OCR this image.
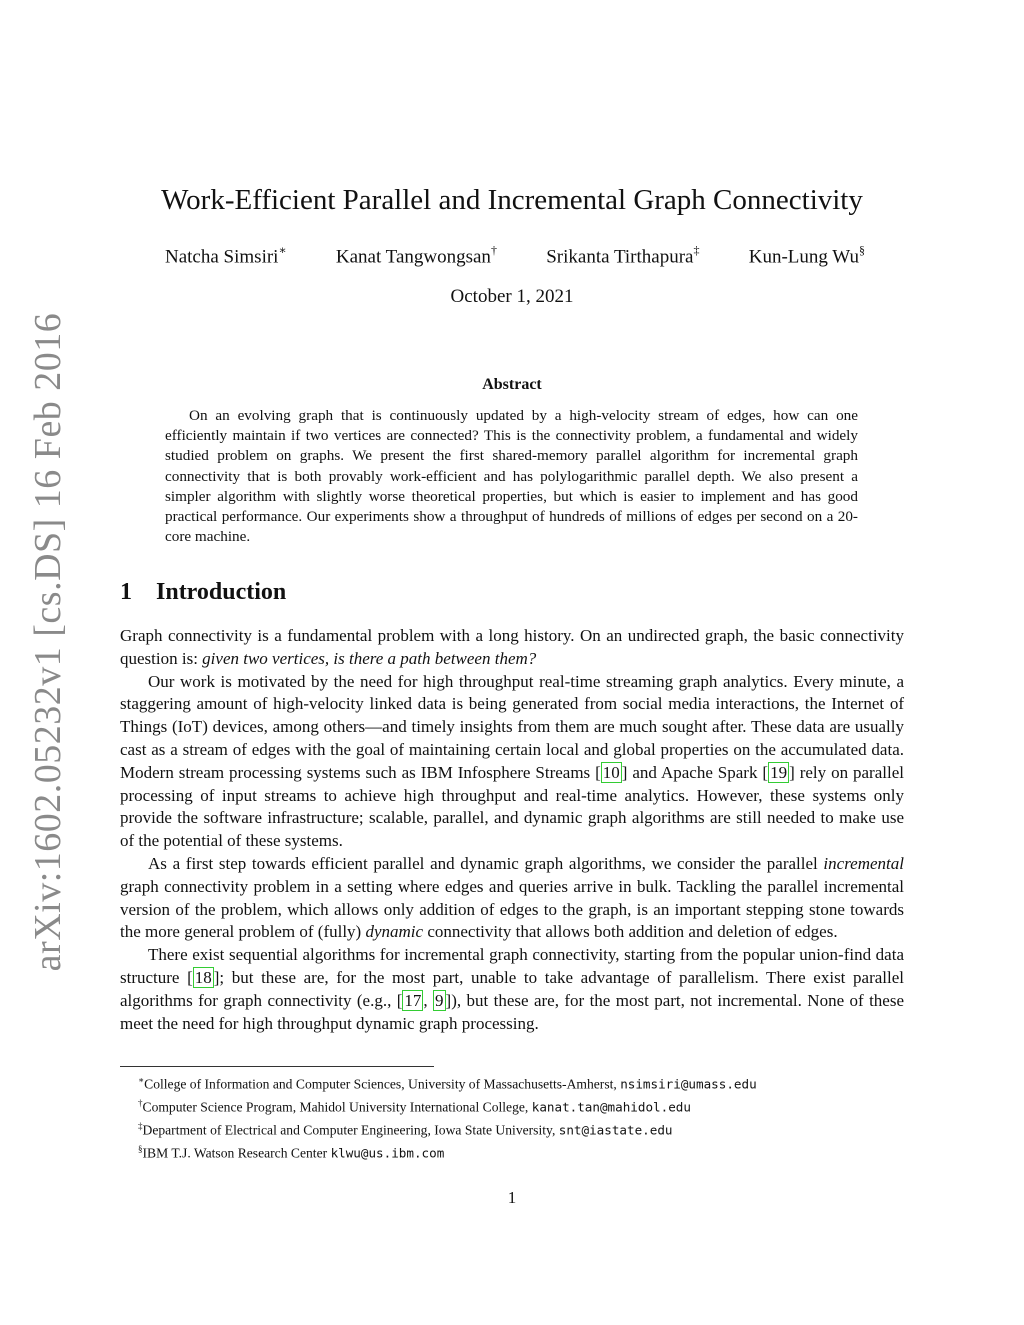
arXiv:1602.05232v1 [cs.DS] 16 Feb 2016
Work-Efficient Parallel and Incremental Graph Connectivity
Natcha Simsiri∗	Kanat Tangwongsan†	Srikanta Tirthapura‡	Kun-Lung Wu§
October 1, 2021
Abstract
On an evolving graph that is continuously updated by a high-velocity stream of edges, how can one efficiently maintain if two vertices are connected? This is the connectivity problem, a fundamental and widely studied problem on graphs. We present the first shared-memory parallel algorithm for incremental graph connectivity that is both provably work-efficient and has polylogarithmic parallel depth. We also present a simpler algorithm with slightly worse theoretical properties, but which is easier to implement and has good practical performance. Our experiments show a throughput of hundreds of millions of edges per second on a 20-core machine.
1 Introduction

Graph connectivity is a fundamental problem with a long history. On an undirected graph, the basic connectivity question is: given two vertices, is there a path between them?

Our work is motivated by the need for high throughput real-time streaming graph analytics. Every minute, a staggering amount of high-velocity linked data is being generated from social media interactions, the Internet of Things (IoT) devices, among others—and timely insights from them are much sought after. These data are usually cast as a stream of edges with the goal of maintaining certain local and global properties on the accumulated data. Modern stream processing systems such as IBM Infosphere Streams [ 10 ] and Apache Spark [ 19 ] rely on parallel processing of input streams to achieve high throughput and real-time analytics. However, these systems only provide the software infrastructure; scalable, parallel, and dynamic graph algorithms are still needed to make use of the potential of these systems.

As a first step towards efficient parallel and dynamic graph algorithms, we consider the parallel incremental graph connectivity problem in a setting where edges and queries arrive in bulk. Tackling the parallel incremental version of the problem, which allows only addition of edges to the graph, is an important stepping stone towards the more general problem of (fully) dynamic connectivity that allows both addition and deletion of edges.

There exist sequential algorithms for incremental graph connectivity, starting from the popular union-find data structure [ 18 ]; but these are, for the most part, unable to take advantage of parallelism. There exist parallel algorithms for graph connectivity (e.g., [ 17 , 9 ]), but these are, for the most part, not incremental. None of these meet the need for high throughput dynamic graph processing.

∗College of Information and Computer Sciences, University of Massachusetts-Amherst, nsimsiri@umass.edu
†Computer Science Program, Mahidol University International College, kanat.tan@mahidol.edu
‡Department of Electrical and Computer Engineering, Iowa State University, snt@iastate.edu
§IBM T.J. Watson Research Center klwu@us.ibm.com
1
